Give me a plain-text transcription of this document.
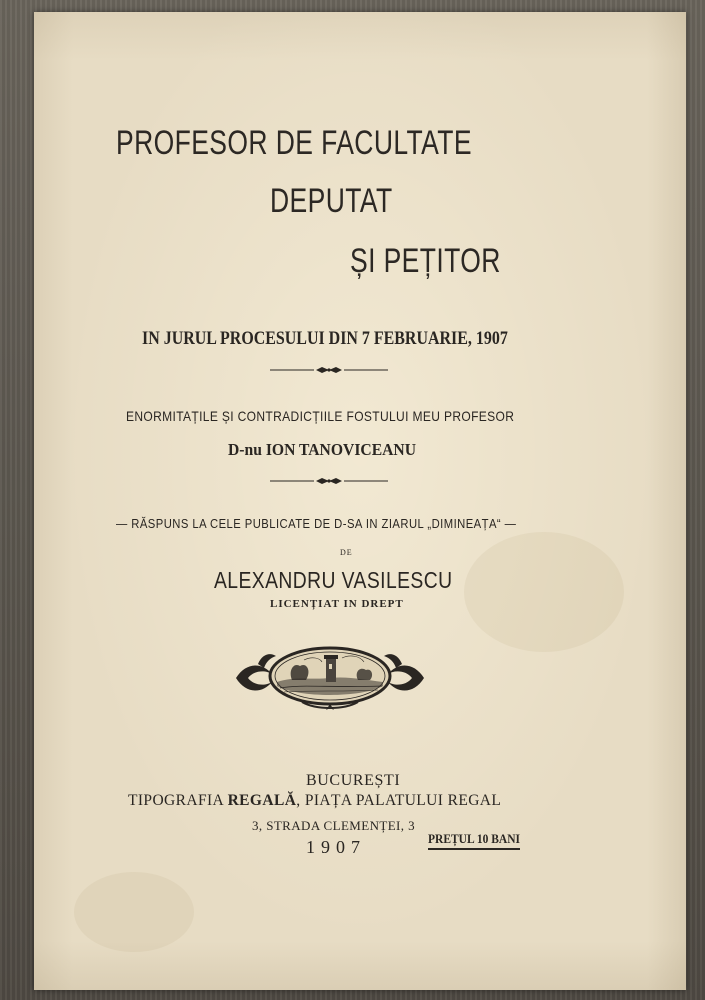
PROFESOR DE FACULTATE
DEPUTAT
ȘI PEȚITOR
IN JURUL PROCESULUI DIN 7 FEBRUARIE, 1907
ENORMITAȚILE ȘI CONTRADICȚIILE FOSTULUI MEU PROFESOR
D-nu ION TANOVICEANU
— RĂSPUNS LA CELE PUBLICATE DE D-SA IN ZIARUL „DIMINEAȚA“ —
DE
ALEXANDRU VASILESCU
LICENȚIAT IN DREPT
BUCUREȘTI
TIPOGRAFIA REGALĂ, PIAȚA PALATULUI REGAL
3, STRADA CLEMENȚEI, 3
1907	PREȚUL 10 BANI
